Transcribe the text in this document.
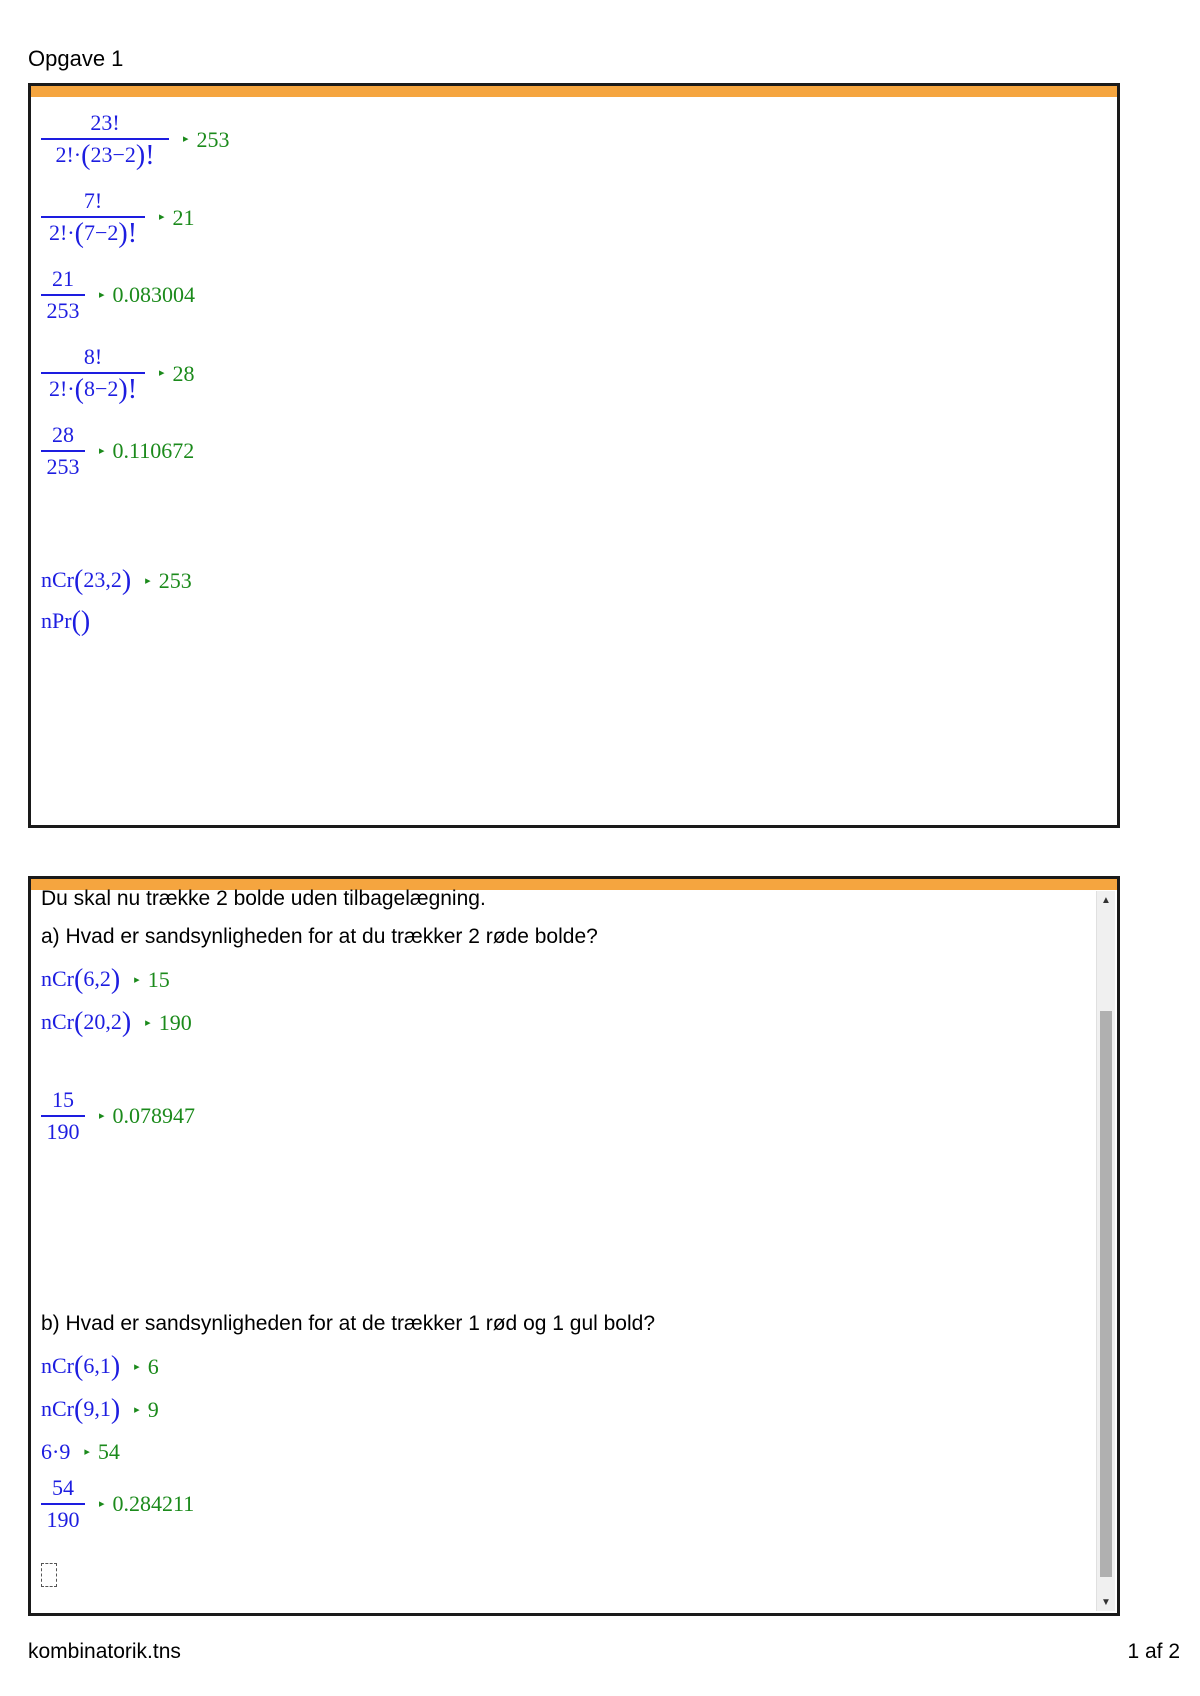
Opgave 1
$\frac{23!}{2!\cdot(23-2)!}$ ▸ 253
$\frac{7!}{2!\cdot(7-2)!}$ ▸ 21
$\frac{21}{253}$ ▸ 0.083004
$\frac{8!}{2!\cdot(8-2)!}$ ▸ 28
$\frac{28}{253}$ ▸ 0.110672
nCr(23,2) ▸ 253
nPr()
Du skal nu trække 2 bolde uden tilbagelægning.
a) Hvad er sandsynligheden for at du trækker 2 røde bolde?
nCr(6,2) ▸ 15
nCr(20,2) ▸ 190
$\frac{15}{190}$ ▸ 0.078947
b) Hvad er sandsynligheden for at de trækker 1 rød og 1 gul bold?
nCr(6,1) ▸ 6
nCr(9,1) ▸ 9
6·9 ▸ 54
$\frac{54}{190}$ ▸ 0.284211
▲
▼
kombinatorik.tns	1 af 2
